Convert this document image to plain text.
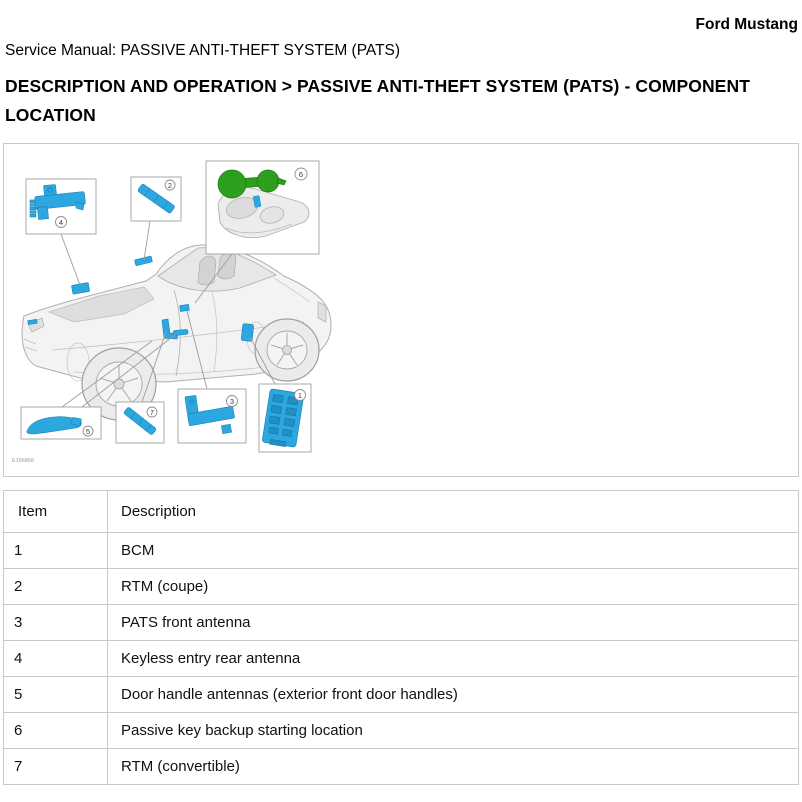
Ford Mustang
Service Manual: PASSIVE ANTI-THEFT SYSTEM (PATS)
DESCRIPTION AND OPERATION > PASSIVE ANTI-THEFT SYSTEM (PATS) - COMPONENT LOCATION
4
2
6
5
7
3
1
E166866
Item	Description
1	BCM
2	RTM (coupe)
3	PATS front antenna
4	Keyless entry rear antenna
5	Door handle antennas (exterior front door handles)
6	Passive key backup starting location
7	RTM (convertible)
